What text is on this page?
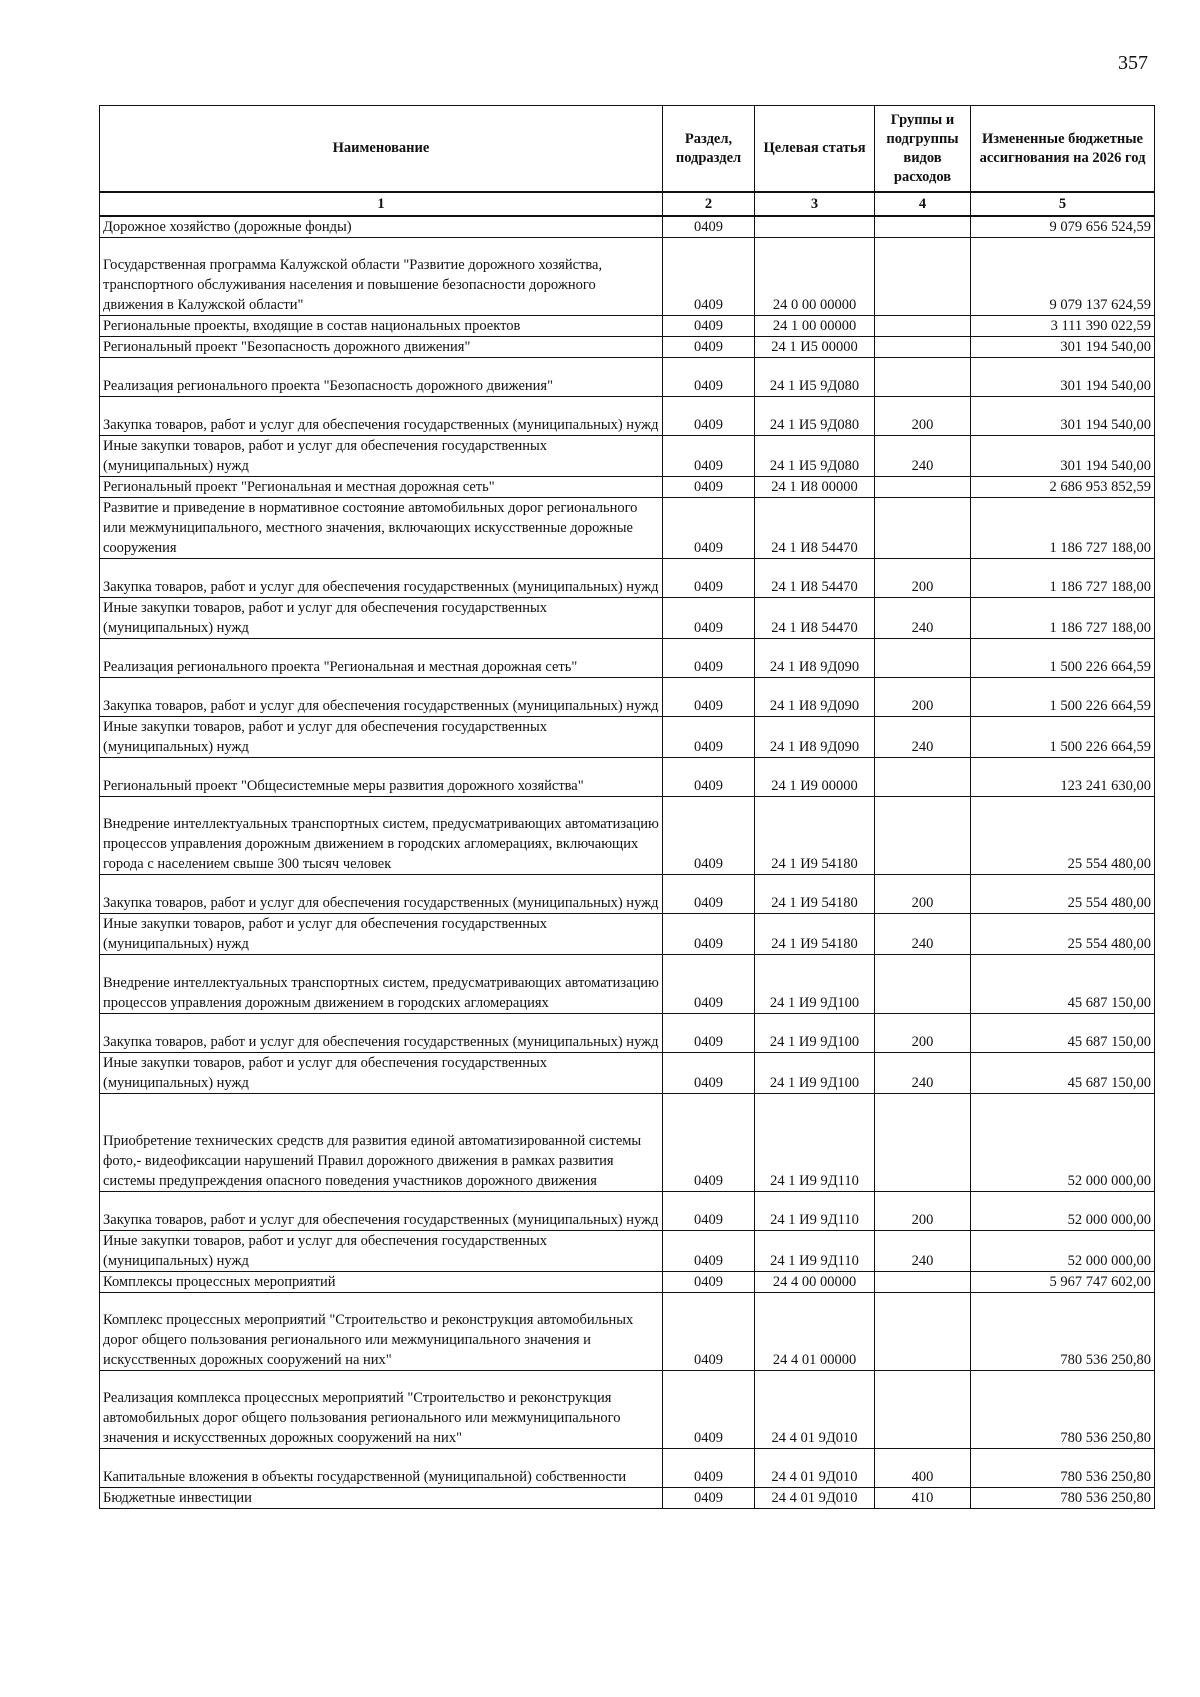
357
Наименование	Раздел, подраздел	Целевая статья	Группы и подгруппы видов расходов	Измененные бюджетные ассигнования на 2026 год
1	2	3	4	5
Дорожное хозяйство (дорожные фонды)	0409			9 079 656 524,59
Государственная программа Калужской области "Развитие дорожного хозяйства, транспортного обслуживания населения и повышение безопасности дорожного движения в Калужской области"	0409	24 0 00 00000		9 079 137 624,59
Региональные проекты, входящие в состав национальных проектов	0409	24 1 00 00000		3 111 390 022,59
Региональный проект "Безопасность дорожного движения"	0409	24 1 И5 00000		301 194 540,00
Реализация регионального проекта "Безопасность дорожного движения"	0409	24 1 И5 9Д080		301 194 540,00
Закупка товаров, работ и услуг для обеспечения государственных (муниципальных) нужд	0409	24 1 И5 9Д080	200	301 194 540,00
Иные закупки товаров, работ и услуг для обеспечения государственных (муниципальных) нужд	0409	24 1 И5 9Д080	240	301 194 540,00
Региональный проект "Региональная и местная дорожная сеть"	0409	24 1 И8 00000		2 686 953 852,59
Развитие и приведение в нормативное состояние автомобильных дорог регионального или межмуниципального, местного значения, включающих искусственные дорожные сооружения	0409	24 1 И8 54470		1 186 727 188,00
Закупка товаров, работ и услуг для обеспечения государственных (муниципальных) нужд	0409	24 1 И8 54470	200	1 186 727 188,00
Иные закупки товаров, работ и услуг для обеспечения государственных (муниципальных) нужд	0409	24 1 И8 54470	240	1 186 727 188,00
Реализация регионального проекта "Региональная и местная дорожная сеть"	0409	24 1 И8 9Д090		1 500 226 664,59
Закупка товаров, работ и услуг для обеспечения государственных (муниципальных) нужд	0409	24 1 И8 9Д090	200	1 500 226 664,59
Иные закупки товаров, работ и услуг для обеспечения государственных (муниципальных) нужд	0409	24 1 И8 9Д090	240	1 500 226 664,59
Региональный проект "Общесистемные меры развития дорожного хозяйства"	0409	24 1 И9 00000		123 241 630,00
Внедрение интеллектуальных транспортных систем, предусматривающих автоматизацию процессов управления дорожным движением в городских агломерациях, включающих города с населением свыше 300 тысяч человек	0409	24 1 И9 54180		25 554 480,00
Закупка товаров, работ и услуг для обеспечения государственных (муниципальных) нужд	0409	24 1 И9 54180	200	25 554 480,00
Иные закупки товаров, работ и услуг для обеспечения государственных (муниципальных) нужд	0409	24 1 И9 54180	240	25 554 480,00
Внедрение интеллектуальных транспортных систем, предусматривающих автоматизацию процессов управления дорожным движением в городских агломерациях	0409	24 1 И9 9Д100		45 687 150,00
Закупка товаров, работ и услуг для обеспечения государственных (муниципальных) нужд	0409	24 1 И9 9Д100	200	45 687 150,00
Иные закупки товаров, работ и услуг для обеспечения государственных (муниципальных) нужд	0409	24 1 И9 9Д100	240	45 687 150,00
Приобретение технических средств для развития единой автоматизированной системы фото,- видеофиксации нарушений Правил дорожного движения в рамках развития системы предупреждения опасного поведения участников дорожного движения	0409	24 1 И9 9Д110		52 000 000,00
Закупка товаров, работ и услуг для обеспечения государственных (муниципальных) нужд	0409	24 1 И9 9Д110	200	52 000 000,00
Иные закупки товаров, работ и услуг для обеспечения государственных (муниципальных) нужд	0409	24 1 И9 9Д110	240	52 000 000,00
Комплексы процессных мероприятий	0409	24 4 00 00000		5 967 747 602,00
Комплекс процессных мероприятий "Строительство и реконструкция автомобильных дорог общего пользования регионального или межмуниципального значения и искусственных дорожных сооружений на них"	0409	24 4 01 00000		780 536 250,80
Реализация комплекса процессных мероприятий "Строительство и реконструкция автомобильных дорог общего пользования регионального или межмуниципального значения и искусственных дорожных сооружений на них"	0409	24 4 01 9Д010		780 536 250,80
Капитальные вложения в объекты государственной (муниципальной) собственности	0409	24 4 01 9Д010	400	780 536 250,80
Бюджетные инвестиции	0409	24 4 01 9Д010	410	780 536 250,80
